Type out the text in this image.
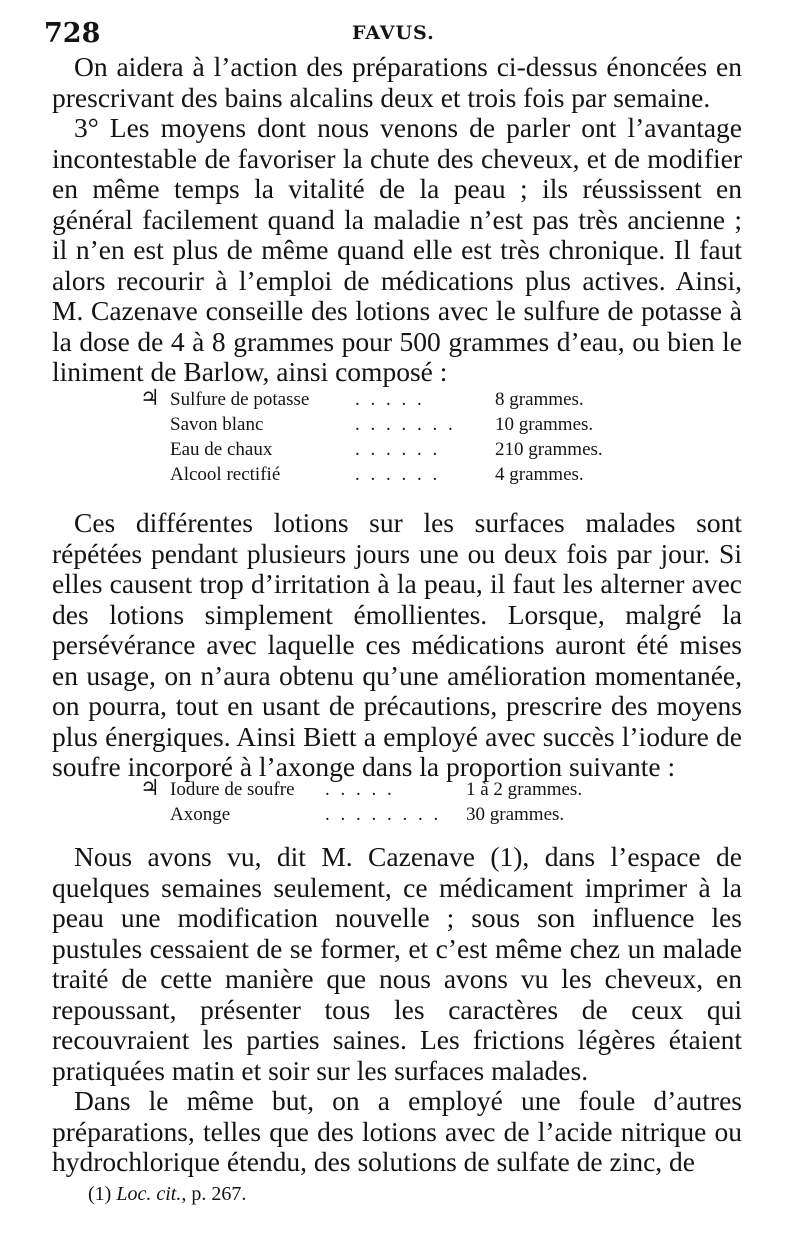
728	FAVUS.

On aidera à l’action des préparations ci-dessus énoncées en prescrivant des bains alcalins deux et trois fois par semaine.

3° Les moyens dont nous venons de parler ont l’avantage incontestable de favoriser la chute des cheveux, et de modifier en même temps la vitalité de la peau ; ils réussissent en général facilement quand la maladie n’est pas très ancienne ; il n’en est plus de même quand elle est très chronique. Il faut alors recourir à l’emploi de médications plus actives. Ainsi, M. Cazenave conseille des lotions avec le sulfure de potasse à la dose de 4 à 8 grammes pour 500 grammes d’eau, ou bien le liniment de Barlow, ainsi composé :

♃ Sulfure de potasse . . . . .	8 grammes.
Savon blanc	. . . . . . . 10 grammes.
Eau de chaux	. . . . . .	210 grammes.
Alcool rectifié	. . . . . .	4 grammes.

Ces différentes lotions sur les surfaces malades sont répétées pendant plusieurs jours une ou deux fois par jour. Si elles causent trop d’irritation à la peau, il faut les alterner avec des lotions simplement émollientes. Lorsque, malgré la persévérance avec laquelle ces médications auront été mises en usage, on n’aura obtenu qu’une amélioration momentanée, on pourra, tout en usant de précautions, prescrire des moyens plus énergiques. Ainsi Biett a employé avec succès l’iodure de soufre incorporé à l’axonge dans la proportion suivante :

♃ Iodure de soufre . . . . .	1 à 2 grammes.
Axonge	. . . . . . . . 30 grammes.

Nous avons vu, dit M. Cazenave (1), dans l’espace de quelques semaines seulement, ce médicament imprimer à la peau une modification nouvelle ; sous son influence les pustules cessaient de se former, et c’est même chez un malade traité de cette manière que nous avons vu les cheveux, en repoussant, présenter tous les caractères de ceux qui recouvraient les parties saines. Les frictions légères étaient pratiquées matin et soir sur les surfaces malades.

Dans le même but, on a employé une foule d’autres préparations, telles que des lotions avec de l’acide nitrique ou hydrochlorique étendu, des solutions de sulfate de zinc, de

(1) Loc. cit., p. 267.
